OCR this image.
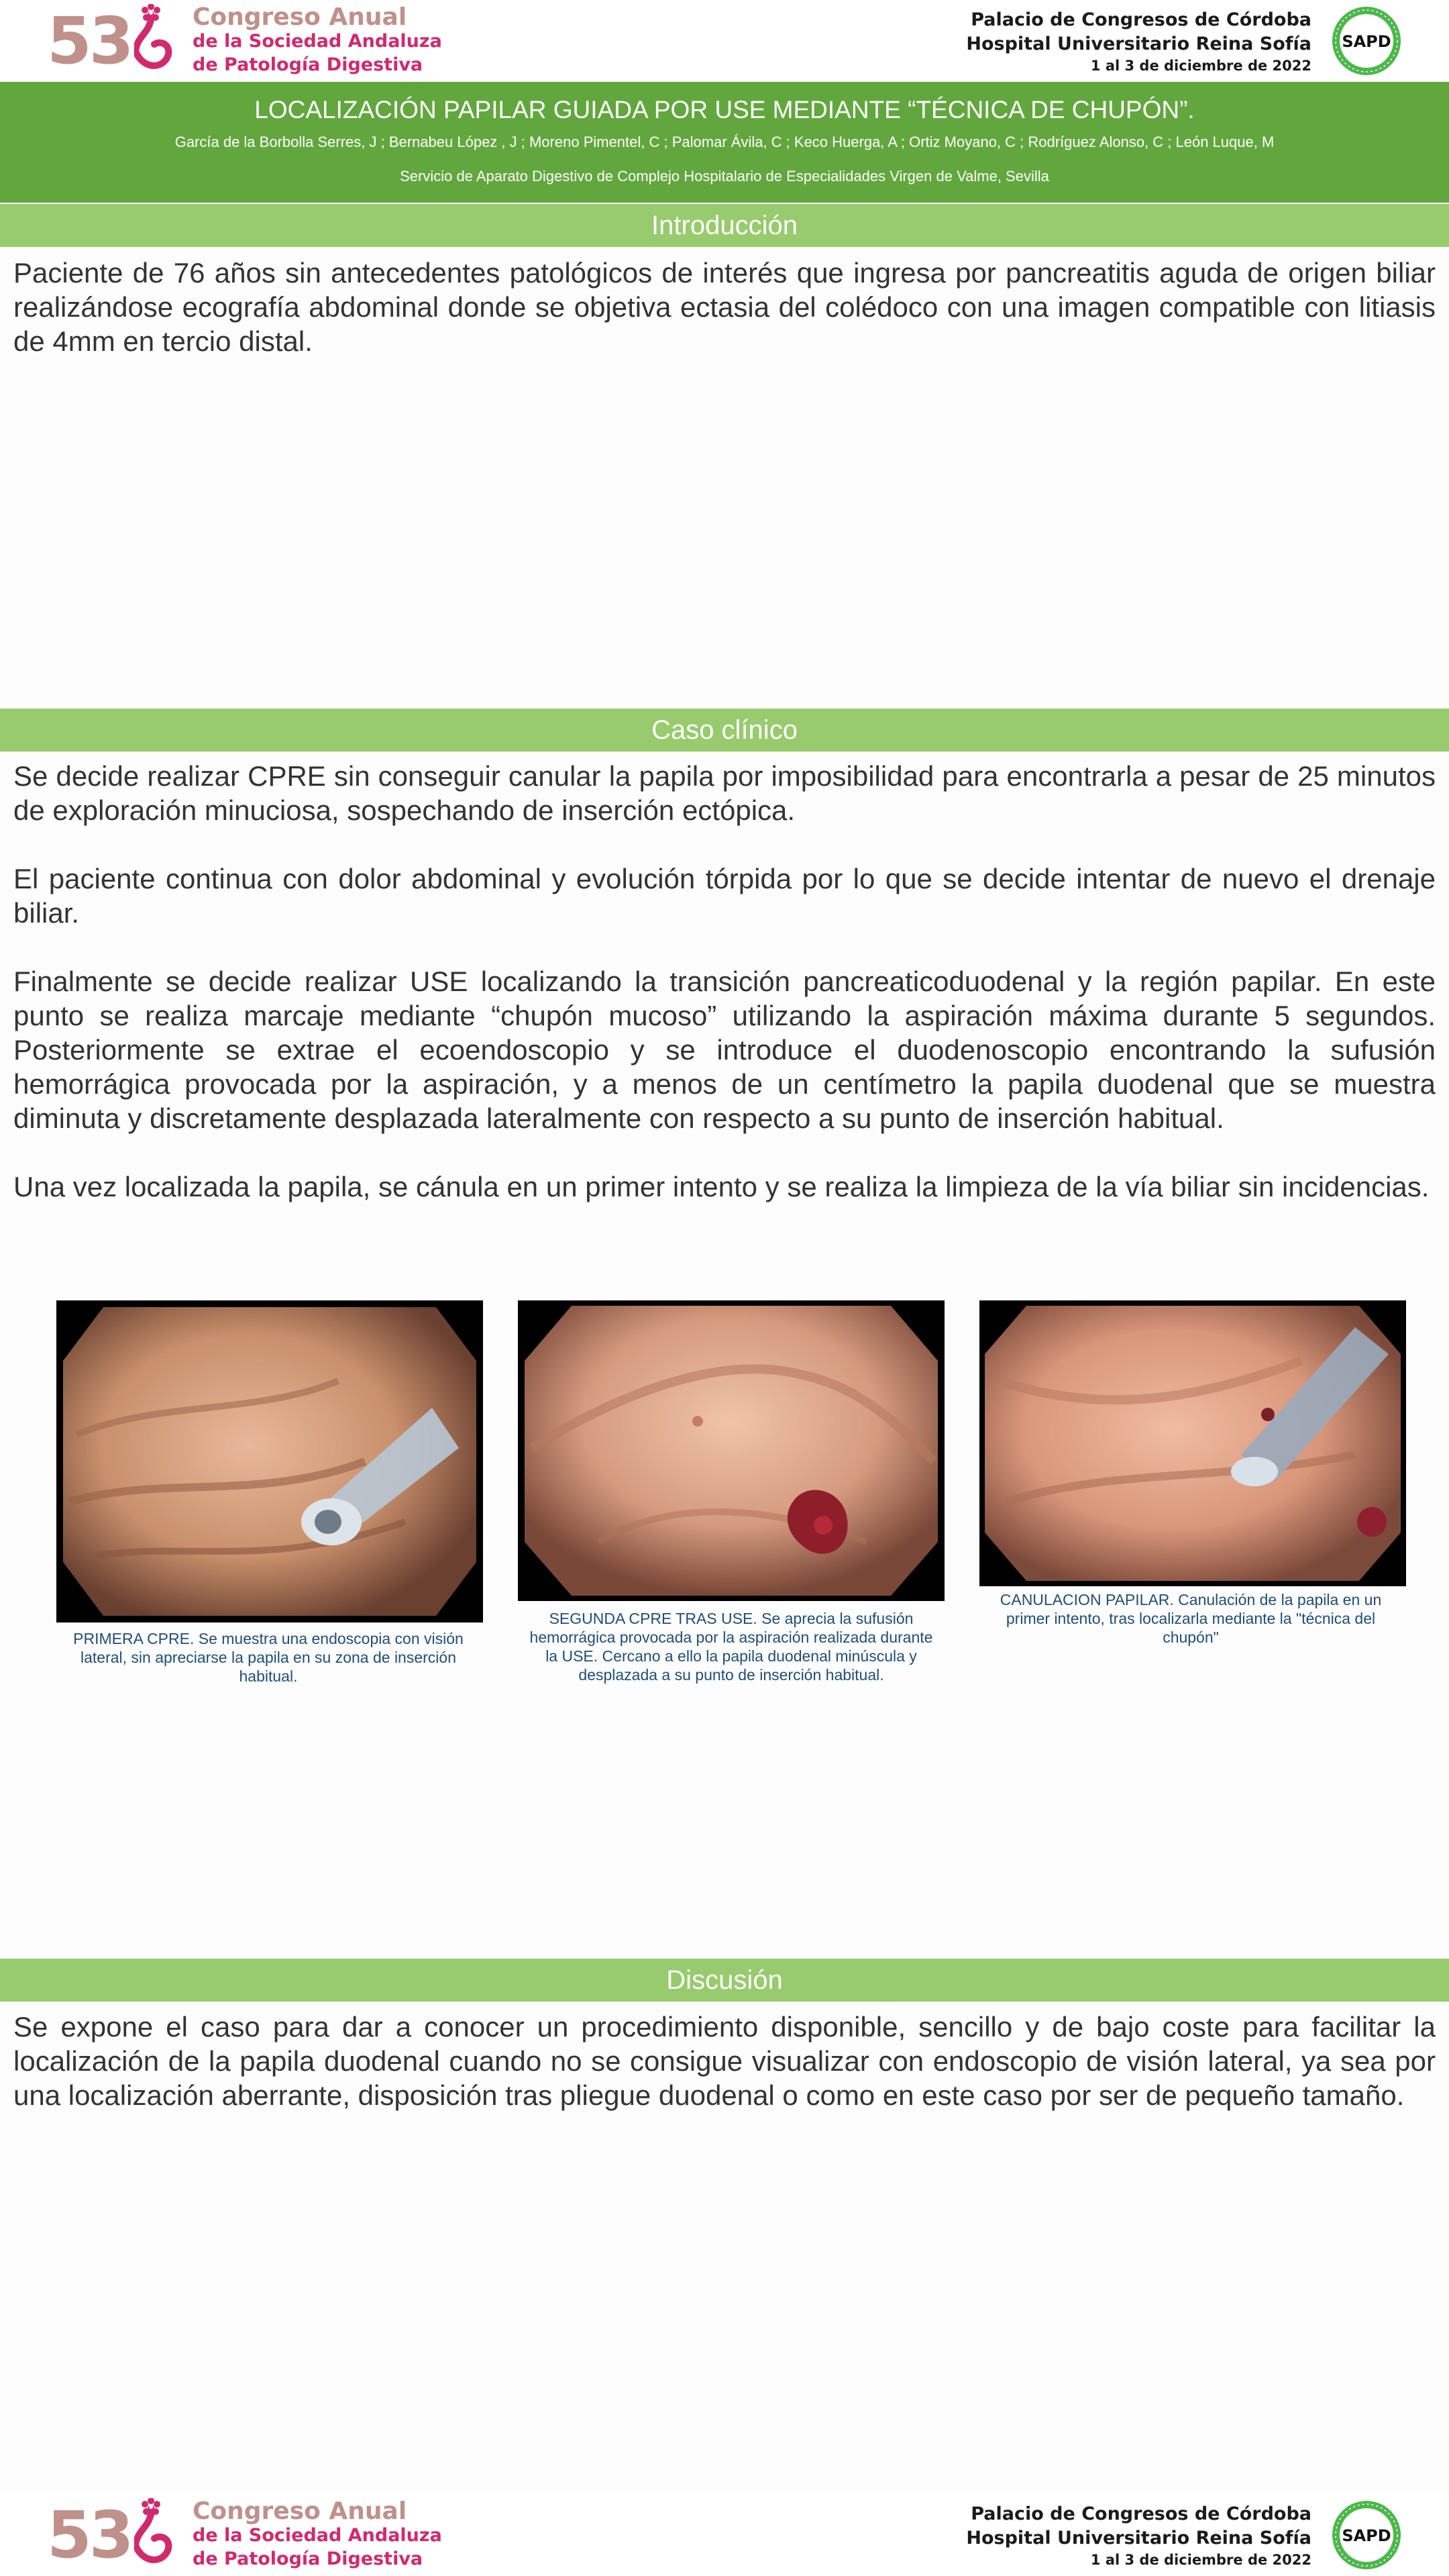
53	Congreso Anual
de la Sociedad Andaluza
de Patología Digestiva
Palacio de Congresos de Córdoba
Hospital Universitario Reina Sofía
1 al 3 de diciembre de 2022
SAPD
LOCALIZACIÓN PAPILAR GUIADA POR USE MEDIANTE “TÉCNICA DE CHUPÓN”.
García de la Borbolla Serres, J ; Bernabeu López , J ; Moreno Pimentel, C ; Palomar Ávila, C ; Keco Huerga, A ; Ortiz Moyano, C ; Rodríguez Alonso, C ; León Luque, M
Servicio de Aparato Digestivo de Complejo Hospitalario de Especialidades Virgen de Valme, Sevilla
Introducción

Paciente de 76 años sin antecedentes patológicos de interés que ingresa por pancreatitis aguda de origen biliar realizándose ecografía abdominal donde se objetiva ectasia del colédoco con una imagen compatible con litiasis de 4mm en tercio distal.

Caso clínico

Se decide realizar CPRE sin conseguir canular la papila por imposibilidad para encontrarla a pesar de 25 minutos de exploración minuciosa, sospechando de inserción ectópica.

El paciente continua con dolor abdominal y evolución tórpida por lo que se decide intentar de nuevo el drenaje biliar.

Finalmente se decide realizar USE localizando la transición pancreaticoduodenal y la región papilar. En este punto se realiza marcaje mediante “chupón mucoso” utilizando la aspiración máxima durante 5 segundos. Posteriormente se extrae el ecoendoscopio y se introduce el duodenoscopio encontrando la sufusión hemorrágica provocada por la aspiración, y a menos de un centímetro la papila duodenal que se muestra diminuta y discretamente desplazada lateralmente con respecto a su punto de inserción habitual.

Una vez localizada la papila, se cánula en un primer intento y se realiza la limpieza de la vía biliar sin incidencias.

PRIMERA CPRE. Se muestra una endoscopia con visión lateral, sin apreciarse la papila en su zona de inserción habitual.
SEGUNDA CPRE TRAS USE. Se aprecia la sufusión hemorrágica provocada por la aspiración realizada durante la USE. Cercano a ello la papila duodenal minúscula y desplazada a su punto de inserción habitual.
CANULACION PAPILAR. Canulación de la papila en un primer intento, tras localizarla mediante la "técnica del chupón"
Discusión

Se expone el caso para dar a conocer un procedimiento disponible, sencillo y de bajo coste para facilitar la localización de la papila duodenal cuando no se consigue visualizar con endoscopio de visión lateral, ya sea por una localización aberrante, disposición tras pliegue duodenal o como en este caso por ser de pequeño tamaño.

53	Congreso Anual
de la Sociedad Andaluza
de Patología Digestiva
Palacio de Congresos de Córdoba
Hospital Universitario Reina Sofía
1 al 3 de diciembre de 2022
SAPD
